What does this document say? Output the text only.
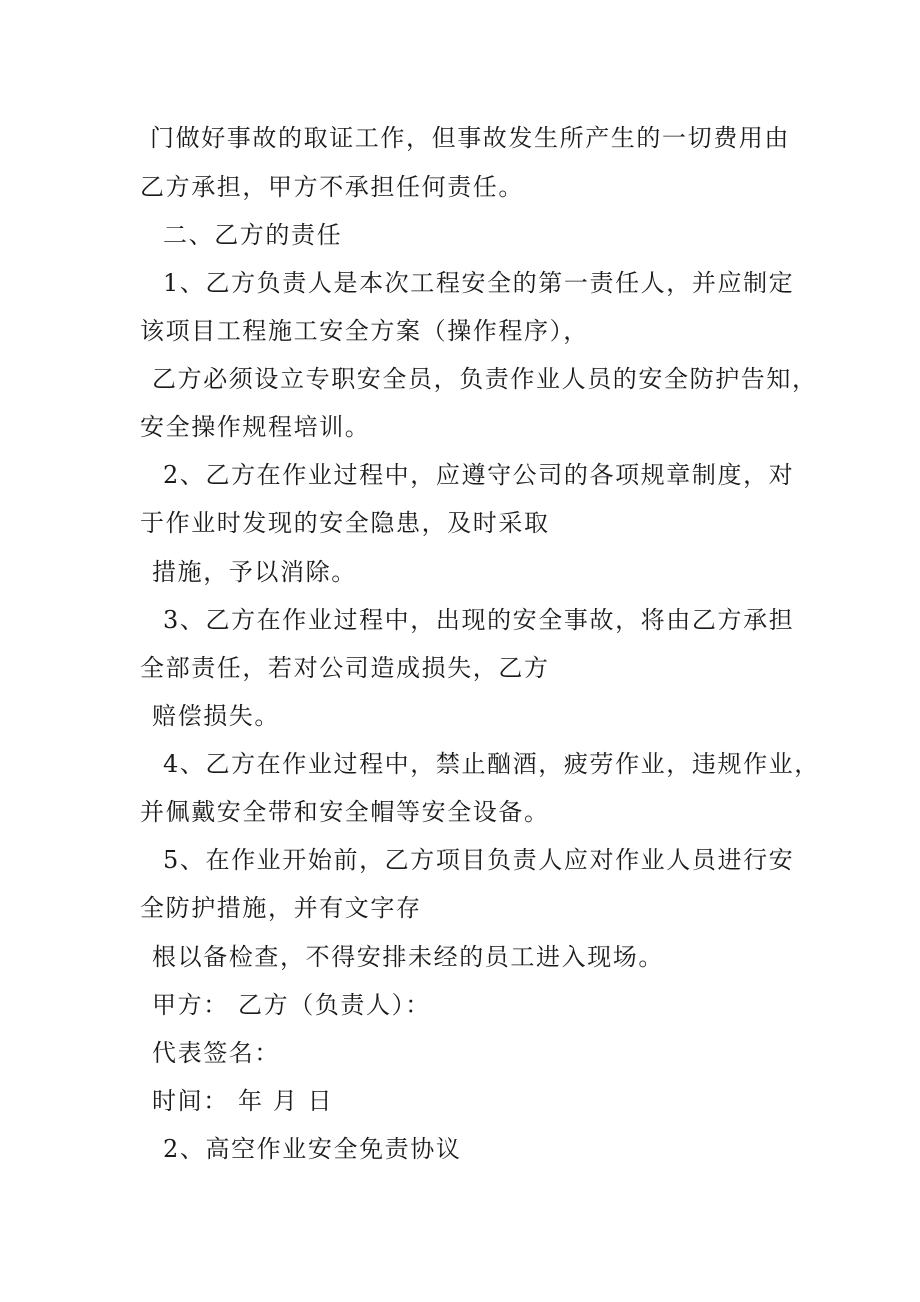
门做好事故的取证工作，但事故发生所产生的一切费用由
乙方承担，甲方不承担任何责任。
二、乙方的责任
1、乙方负责人是本次工程安全的第一责任人，并应制定
该项目工程施工安全方案（操作程序），
乙方必须设立专职安全员，负责作业人员的安全防护告知，
安全操作规程培训。
2、乙方在作业过程中，应遵守公司的各项规章制度，对
于作业时发现的安全隐患，及时采取
措施，予以消除。
3、乙方在作业过程中，出现的安全事故，将由乙方承担
全部责任，若对公司造成损失，乙方
赔偿损失。
4、乙方在作业过程中，禁止酗酒，疲劳作业，违规作业，
并佩戴安全带和安全帽等安全设备。
5、在作业开始前，乙方项目负责人应对作业人员进行安
全防护措施，并有文字存
根以备检查，不得安排未经的员工进入现场。
甲方： 乙方（负责人）：
代表签名：
时间： 年 月 日
2、高空作业安全免责协议
